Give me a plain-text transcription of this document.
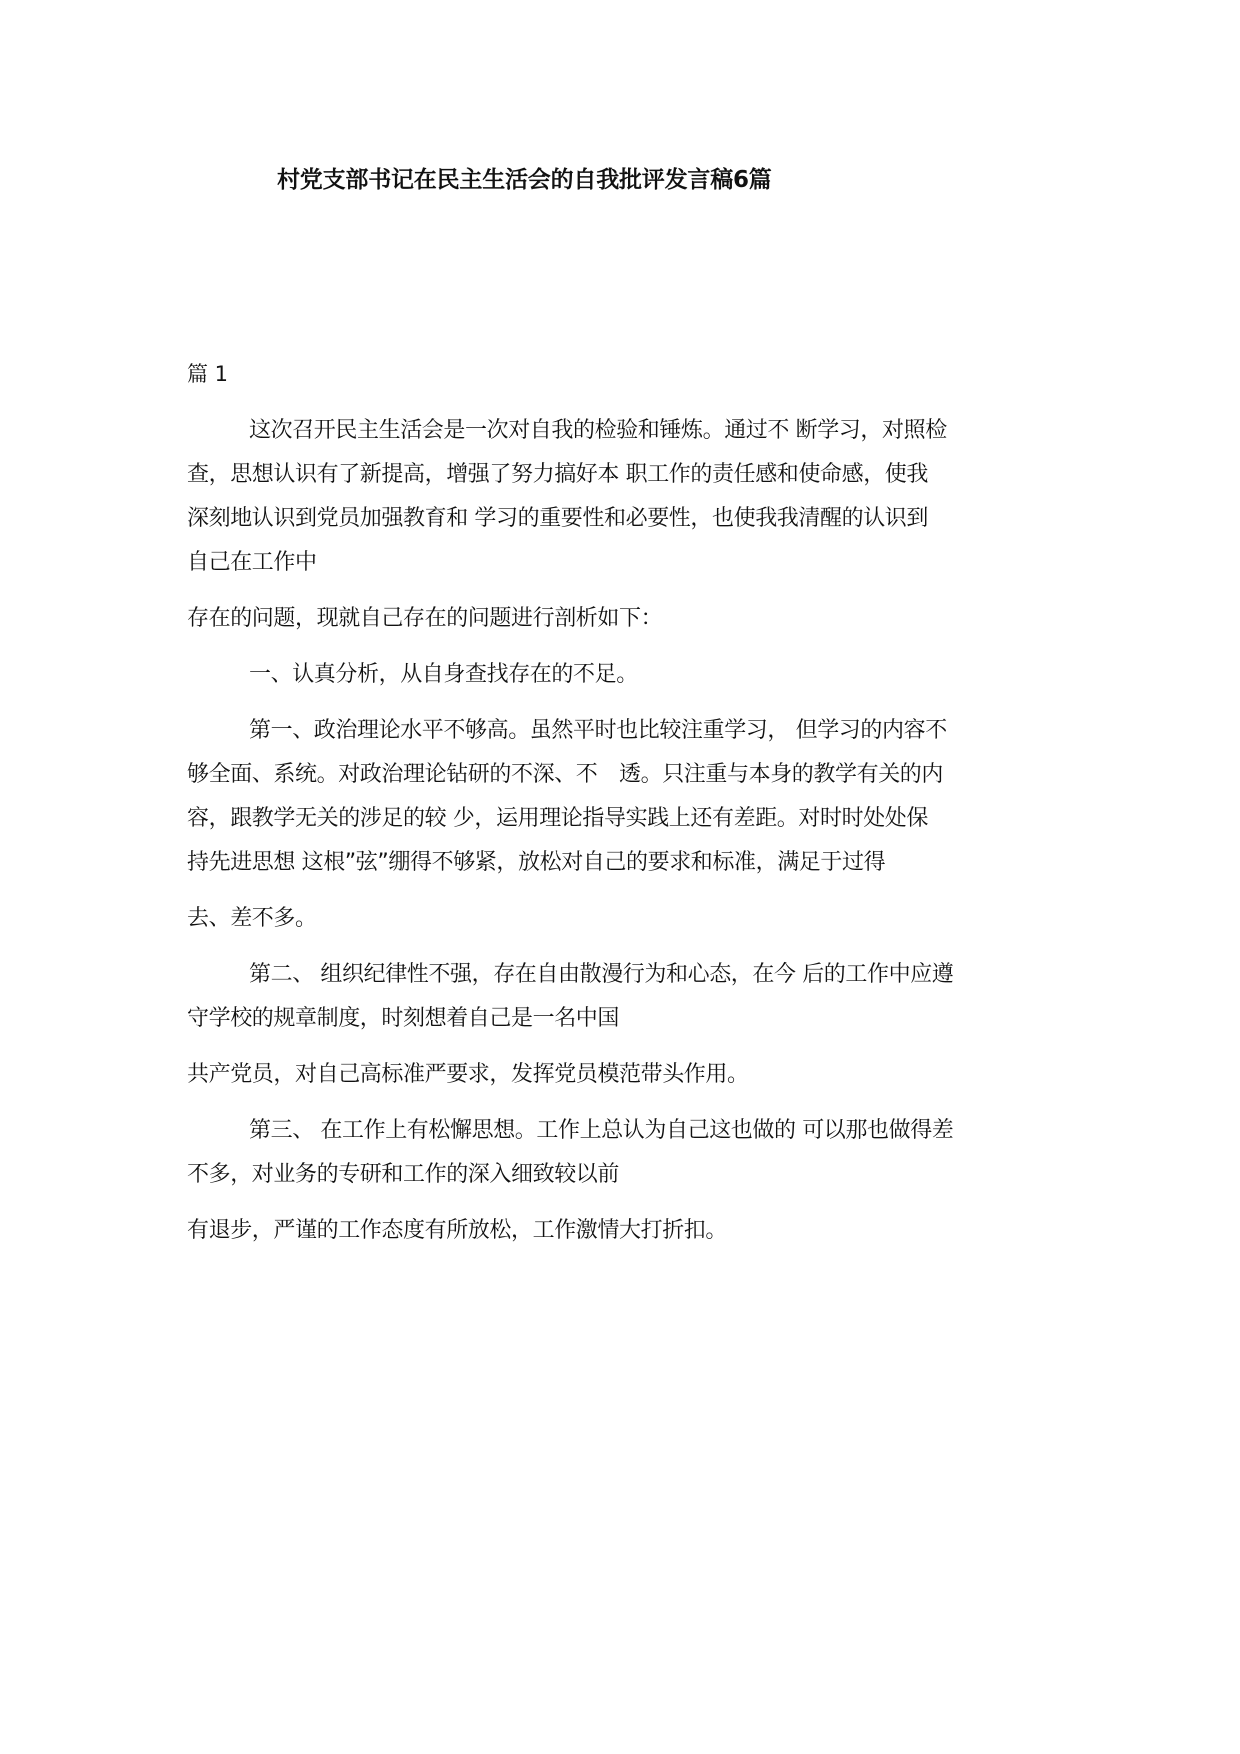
村党支部书记在民主生活会的自我批评发言稿6篇
篇 1

这次召开民主生活会是一次对自我的检验和锤炼。通过不 断学习，对照检
查，思想认识有了新提高，增强了努力搞好本 职工作的责任感和使命感，使我
深刻地认识到党员加强教育和 学习的重要性和必要性，也使我我清醒的认识到
自己在工作中

存在的问题，现就自己存在的问题进行剖析如下：

一、认真分析，从自身查找存在的不足。

第一、政治理论水平不够高。虽然平时也比较注重学习， 但学习的内容不
够全面、系统。对政治理论钻研的不深、不　透。只注重与本身的教学有关的内
容，跟教学无关的涉足的较 少，运用理论指导实践上还有差距。对时时处处保
持先进思想 这根”弦”绷得不够紧，放松对自己的要求和标准，满足于过得

去、差不多。

第二、 组织纪律性不强，存在自由散漫行为和心态，在今 后的工作中应遵
守学校的规章制度，时刻想着自己是一名中国

共产党员，对自己高标准严要求，发挥党员模范带头作用。

第三、 在工作上有松懈思想。工作上总认为自己这也做的 可以那也做得差
不多，对业务的专研和工作的深入细致较以前

有退步，严谨的工作态度有所放松，工作激情大打折扣。
